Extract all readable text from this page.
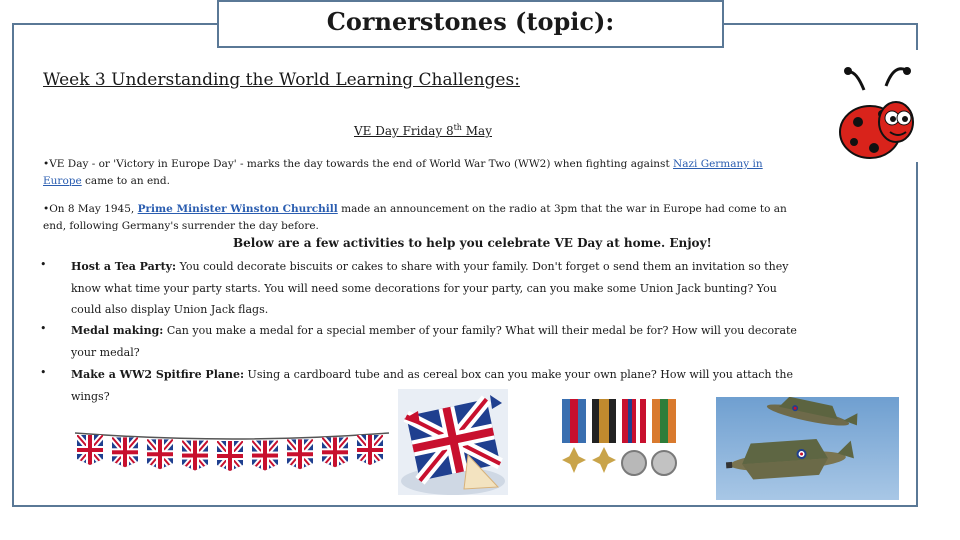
Cornerstones (topic):
Week 3 Understanding the World Learning Challenges:
VE Day Friday 8th May
•VE Day - or 'Victory in Europe Day' - marks the day towards the end of World War Two (WW2) when fighting against Nazi Germany in Europe came to an end.
•On 8 May 1945, Prime Minister Winston Churchill made an announcement on the radio at 3pm that the war in Europe had come to an end, following Germany's surrender the day before.
Below are a few activities to help you celebrate VE Day at home. Enjoy!
• Host a Tea Party: You could decorate biscuits or cakes to share with your family. Don't forget o send them an invitation so they know what time your party starts. You will need some decorations for your party, can you make some Union Jack bunting? You could also display Union Jack flags.
• Medal making: Can you make a medal for a special member of your family? What will their medal be for? How will you decorate your medal?
• Make a WW2 Spitfire Plane: Using a cardboard tube and as cereal box can you make your own plane? How will you attach the wings?
